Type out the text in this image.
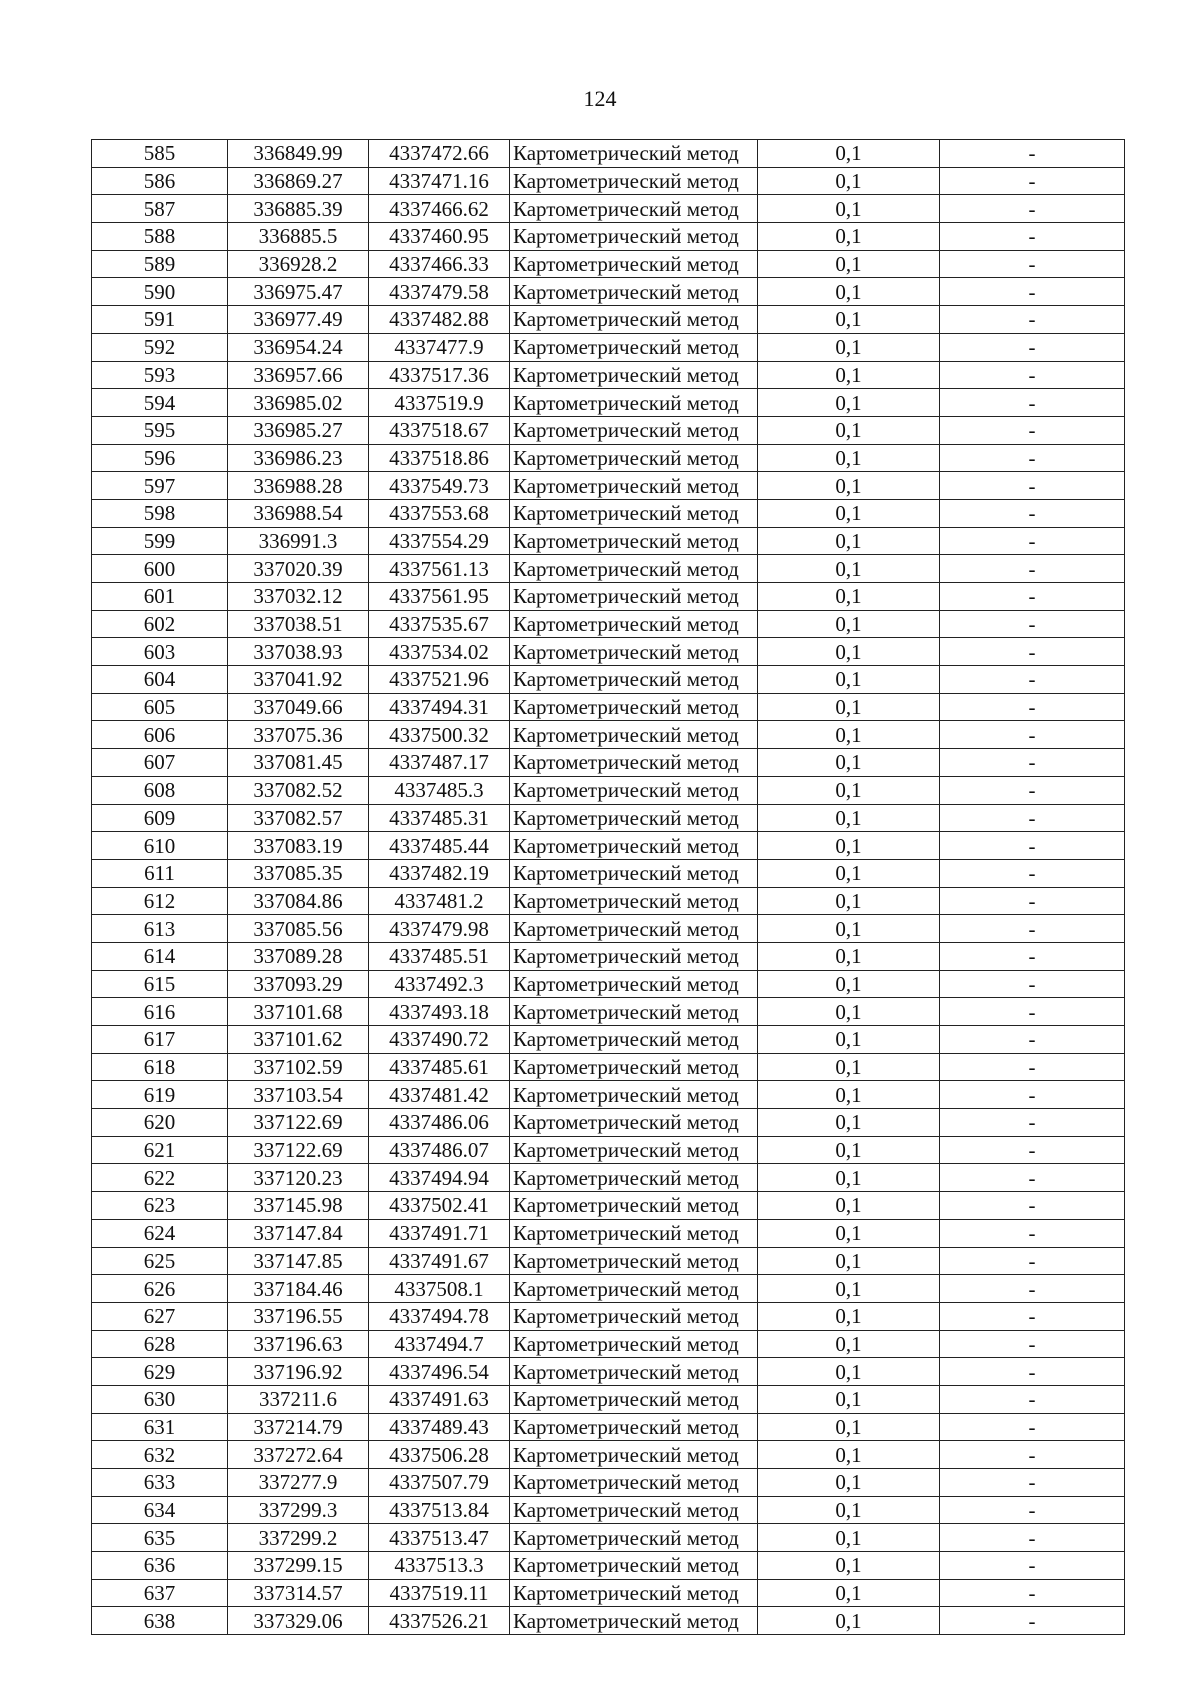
124
585	336849.99	4337472.66	Картометрический метод	0,1	-
586	336869.27	4337471.16	Картометрический метод	0,1	-
587	336885.39	4337466.62	Картометрический метод	0,1	-
588	336885.5	4337460.95	Картометрический метод	0,1	-
589	336928.2	4337466.33	Картометрический метод	0,1	-
590	336975.47	4337479.58	Картометрический метод	0,1	-
591	336977.49	4337482.88	Картометрический метод	0,1	-
592	336954.24	4337477.9	Картометрический метод	0,1	-
593	336957.66	4337517.36	Картометрический метод	0,1	-
594	336985.02	4337519.9	Картометрический метод	0,1	-
595	336985.27	4337518.67	Картометрический метод	0,1	-
596	336986.23	4337518.86	Картометрический метод	0,1	-
597	336988.28	4337549.73	Картометрический метод	0,1	-
598	336988.54	4337553.68	Картометрический метод	0,1	-
599	336991.3	4337554.29	Картометрический метод	0,1	-
600	337020.39	4337561.13	Картометрический метод	0,1	-
601	337032.12	4337561.95	Картометрический метод	0,1	-
602	337038.51	4337535.67	Картометрический метод	0,1	-
603	337038.93	4337534.02	Картометрический метод	0,1	-
604	337041.92	4337521.96	Картометрический метод	0,1	-
605	337049.66	4337494.31	Картометрический метод	0,1	-
606	337075.36	4337500.32	Картометрический метод	0,1	-
607	337081.45	4337487.17	Картометрический метод	0,1	-
608	337082.52	4337485.3	Картометрический метод	0,1	-
609	337082.57	4337485.31	Картометрический метод	0,1	-
610	337083.19	4337485.44	Картометрический метод	0,1	-
611	337085.35	4337482.19	Картометрический метод	0,1	-
612	337084.86	4337481.2	Картометрический метод	0,1	-
613	337085.56	4337479.98	Картометрический метод	0,1	-
614	337089.28	4337485.51	Картометрический метод	0,1	-
615	337093.29	4337492.3	Картометрический метод	0,1	-
616	337101.68	4337493.18	Картометрический метод	0,1	-
617	337101.62	4337490.72	Картометрический метод	0,1	-
618	337102.59	4337485.61	Картометрический метод	0,1	-
619	337103.54	4337481.42	Картометрический метод	0,1	-
620	337122.69	4337486.06	Картометрический метод	0,1	-
621	337122.69	4337486.07	Картометрический метод	0,1	-
622	337120.23	4337494.94	Картометрический метод	0,1	-
623	337145.98	4337502.41	Картометрический метод	0,1	-
624	337147.84	4337491.71	Картометрический метод	0,1	-
625	337147.85	4337491.67	Картометрический метод	0,1	-
626	337184.46	4337508.1	Картометрический метод	0,1	-
627	337196.55	4337494.78	Картометрический метод	0,1	-
628	337196.63	4337494.7	Картометрический метод	0,1	-
629	337196.92	4337496.54	Картометрический метод	0,1	-
630	337211.6	4337491.63	Картометрический метод	0,1	-
631	337214.79	4337489.43	Картометрический метод	0,1	-
632	337272.64	4337506.28	Картометрический метод	0,1	-
633	337277.9	4337507.79	Картометрический метод	0,1	-
634	337299.3	4337513.84	Картометрический метод	0,1	-
635	337299.2	4337513.47	Картометрический метод	0,1	-
636	337299.15	4337513.3	Картометрический метод	0,1	-
637	337314.57	4337519.11	Картометрический метод	0,1	-
638	337329.06	4337526.21	Картометрический метод	0,1	-
